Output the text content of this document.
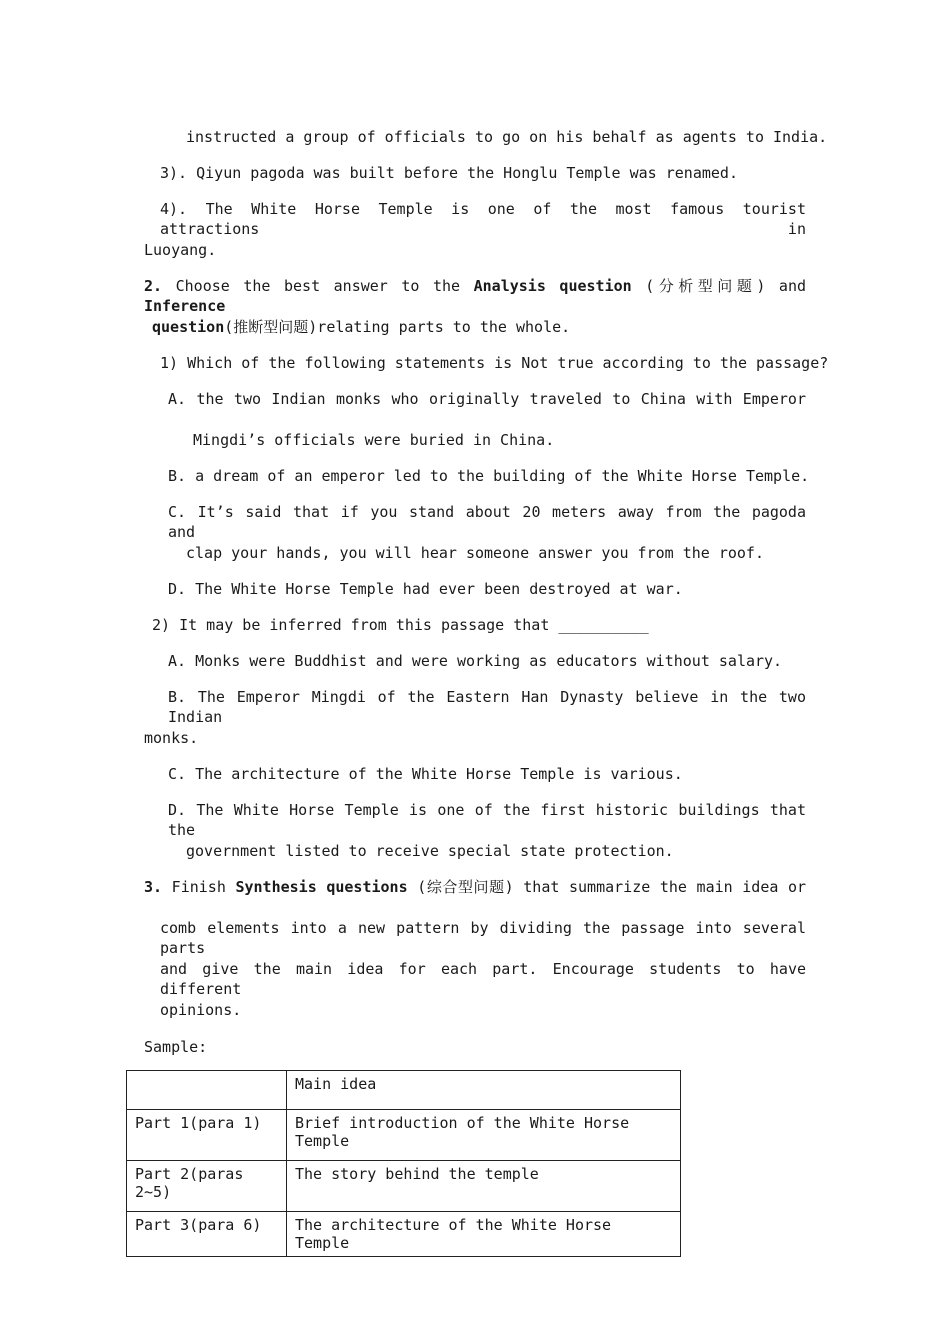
instructed a group of officials to go on his behalf as agents to India.
3). Qiyun pagoda was built before the Honglu Temple was renamed.
4). The White Horse Temple is one of the most famous tourist attractions in
Luoyang.
2. Choose the best answer to the Analysis question (分析型问题) and Inference
question(推断型问题)relating parts to the whole.
1) Which of the following statements is Not true according to the passage?
A. the two Indian monks who originally traveled to China with Emperor
Mingdi’s officials were buried in China.
B. a dream of an emperor led to the building of the White Horse Temple.
C. It’s said that if you stand about 20 meters away from the pagoda and
clap your hands, you will hear someone answer you from the roof.
D. The White Horse Temple had ever been destroyed at war.
2) It may be inferred from this passage that __________
A. Monks were Buddhist and were working as educators without salary.
B. The Emperor Mingdi of the Eastern Han Dynasty believe in the two Indian
monks.
C. The architecture of the White Horse Temple is various.
D. The White Horse Temple is one of the first historic buildings that the
government listed to receive special state protection.
3. Finish Synthesis questions (综合型问题) that summarize the main idea or
comb elements into a new pattern by dividing the passage into several parts
and give the main idea for each part. Encourage students to have different
opinions.
Sample:
	Main idea
Part 1(para 1)	Brief introduction of the White Horse Temple
Part 2(paras 2~5)	The story behind the temple
Part 3(para 6)	The architecture of the White Horse Temple
